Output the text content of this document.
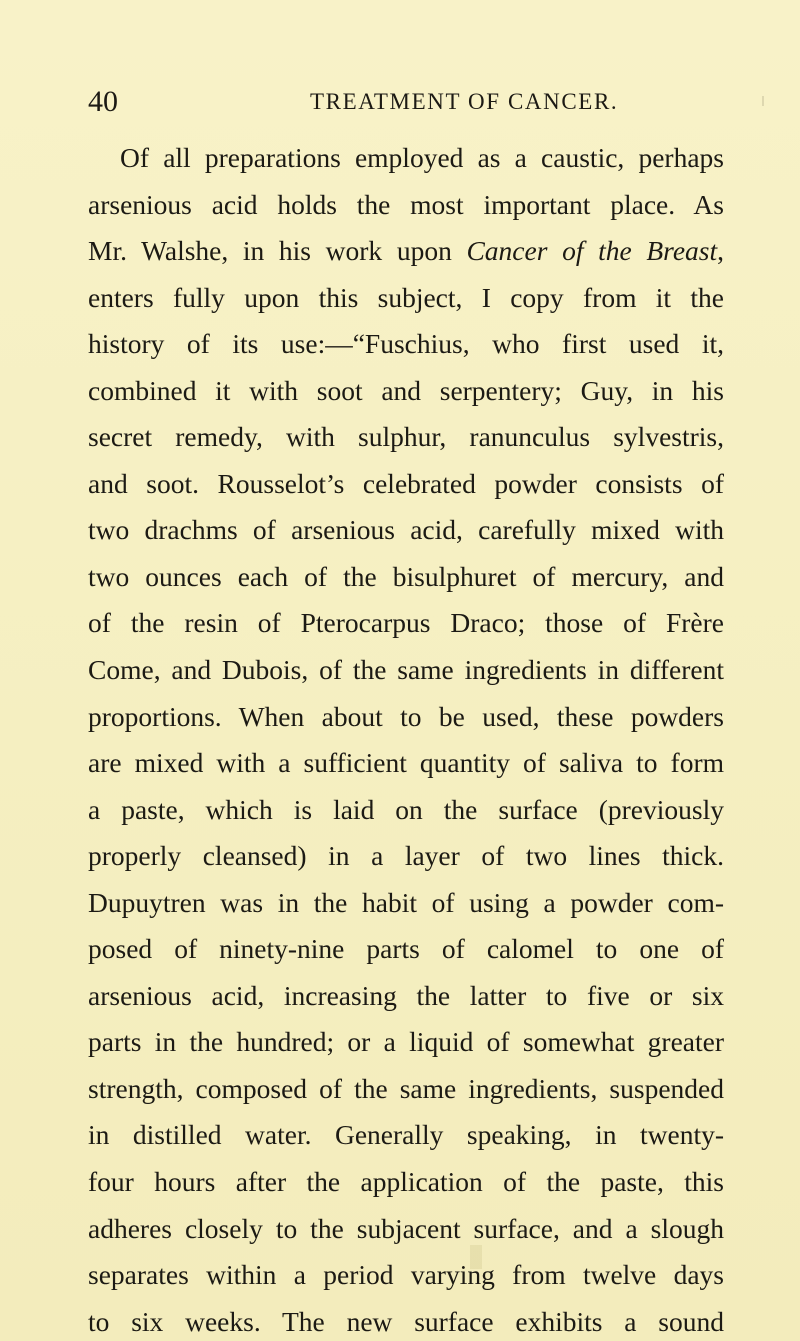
40	TREATMENT OF CANCER.
Of all preparations employed as a caustic, perhaps
arsenious acid holds the most important place. As
Mr. Walshe, in his work upon Cancer of the Breast,
enters fully upon this subject, I copy from it the
history of its use:—“Fuschius, who first used it,
combined it with soot and serpentery; Guy, in his
secret remedy, with sulphur, ranunculus sylvestris,
and soot. Rousselot’s celebrated powder consists of
two drachms of arsenious acid, carefully mixed with
two ounces each of the bisulphuret of mercury, and
of the resin of Pterocarpus Draco; those of Frère
Come, and Dubois, of the same ingredients in different
proportions. When about to be used, these powders
are mixed with a sufficient quantity of saliva to form
a paste, which is laid on the surface (previously
properly cleansed) in a layer of two lines thick.
Dupuytren was in the habit of using a powder com-
posed of ninety-nine parts of calomel to one of
arsenious acid, increasing the latter to five or six
parts in the hundred; or a liquid of somewhat greater
strength, composed of the same ingredients, suspended
in distilled water. Generally speaking, in twenty-
four hours after the application of the paste, this
adheres closely to the subjacent surface, and a slough
separates within a period varying from twelve days
to six weeks. The new surface exhibits a sound
